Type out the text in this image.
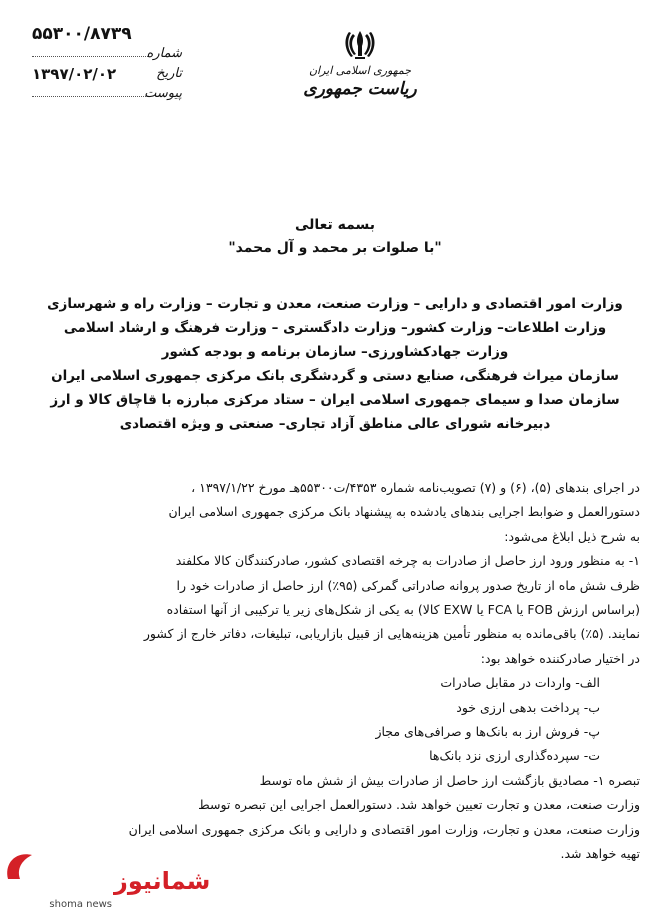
۵۵۳۰۰/۸۷۳۹
شماره
۱۳۹۷/۰۲/۰۲	تاریخ
پیوست
جمهوری اسلامی ایران
ریاست جمهوری
بسمه تعالی
"با صلوات بر محمد و آل محمد"
وزارت امور اقتصادی و دارایی – وزارت صنعت، معدن و تجارت – وزارت راه و شهرسازی
وزارت اطلاعات– وزارت کشور– وزارت دادگستری – وزارت فرهنگ و ارشاد اسلامی
وزارت جهادکشاورزی– سازمان برنامه و بودجه کشور
سازمان میراث فرهنگی، صنایع دستی و گردشگری بانک مرکزی جمهوری اسلامی ایران
سازمان صدا و سیمای جمهوری اسلامی ایران – ستاد مرکزی مبارزه با قاچاق کالا و ارز
دبیرخانه شورای عالی مناطق آزاد تجاری– صنعتی و ویژه اقتصادی

در اجرای بندهای (۵)، (۶) و (۷) تصویب‌نامه شماره ۴۳۵۳/ت۵۵۳۰۰هـ مورخ ۱۳۹۷/۱/۲۲ ،

دستورالعمل و ضوابط اجرایی بندهای یادشده به پیشنهاد بانک مرکزی جمهوری اسلامی ایران

به شرح ذیل ابلاغ می‌شود:

۱- به منظور ورود ارز حاصل از صادرات به چرخه اقتصادی کشور، صادرکنندگان کالا مکلفند

ظرف شش ماه از تاریخ صدور پروانه صادراتی گمرکی (۹۵٪) ارز حاصل از صادرات خود را

(براساس ارزش FOB یا FCA یا EXW کالا) به یکی از شکل‌های زیر یا ترکیبی از آنها استفاده

نمایند. (۵٪) باقی‌مانده به منظور تأمین هزینه‌هایی از قبیل بازاریابی، تبلیغات، دفاتر خارج از کشور

در اختیار صادرکننده خواهد بود:

الف- واردات در مقابل صادرات

ب- پرداخت بدهی ارزی خود

پ- فروش ارز به بانک‌ها و صرافی‌های مجاز

ت- سپرده‌گذاری ارزی نزد بانک‌ها

تبصره ۱- مصادیق بازگشت ارز حاصل از صادرات بیش از شش ماه توسط

وزارت صنعت، معدن و تجارت تعیین خواهد شد. دستورالعمل اجرایی این تبصره توسط

وزارت صنعت، معدن و تجارت، وزارت امور اقتصادی و دارایی و بانک مرکزی جمهوری اسلامی ایران

تهیه خواهد شد.

شمانیوز
shoma news
